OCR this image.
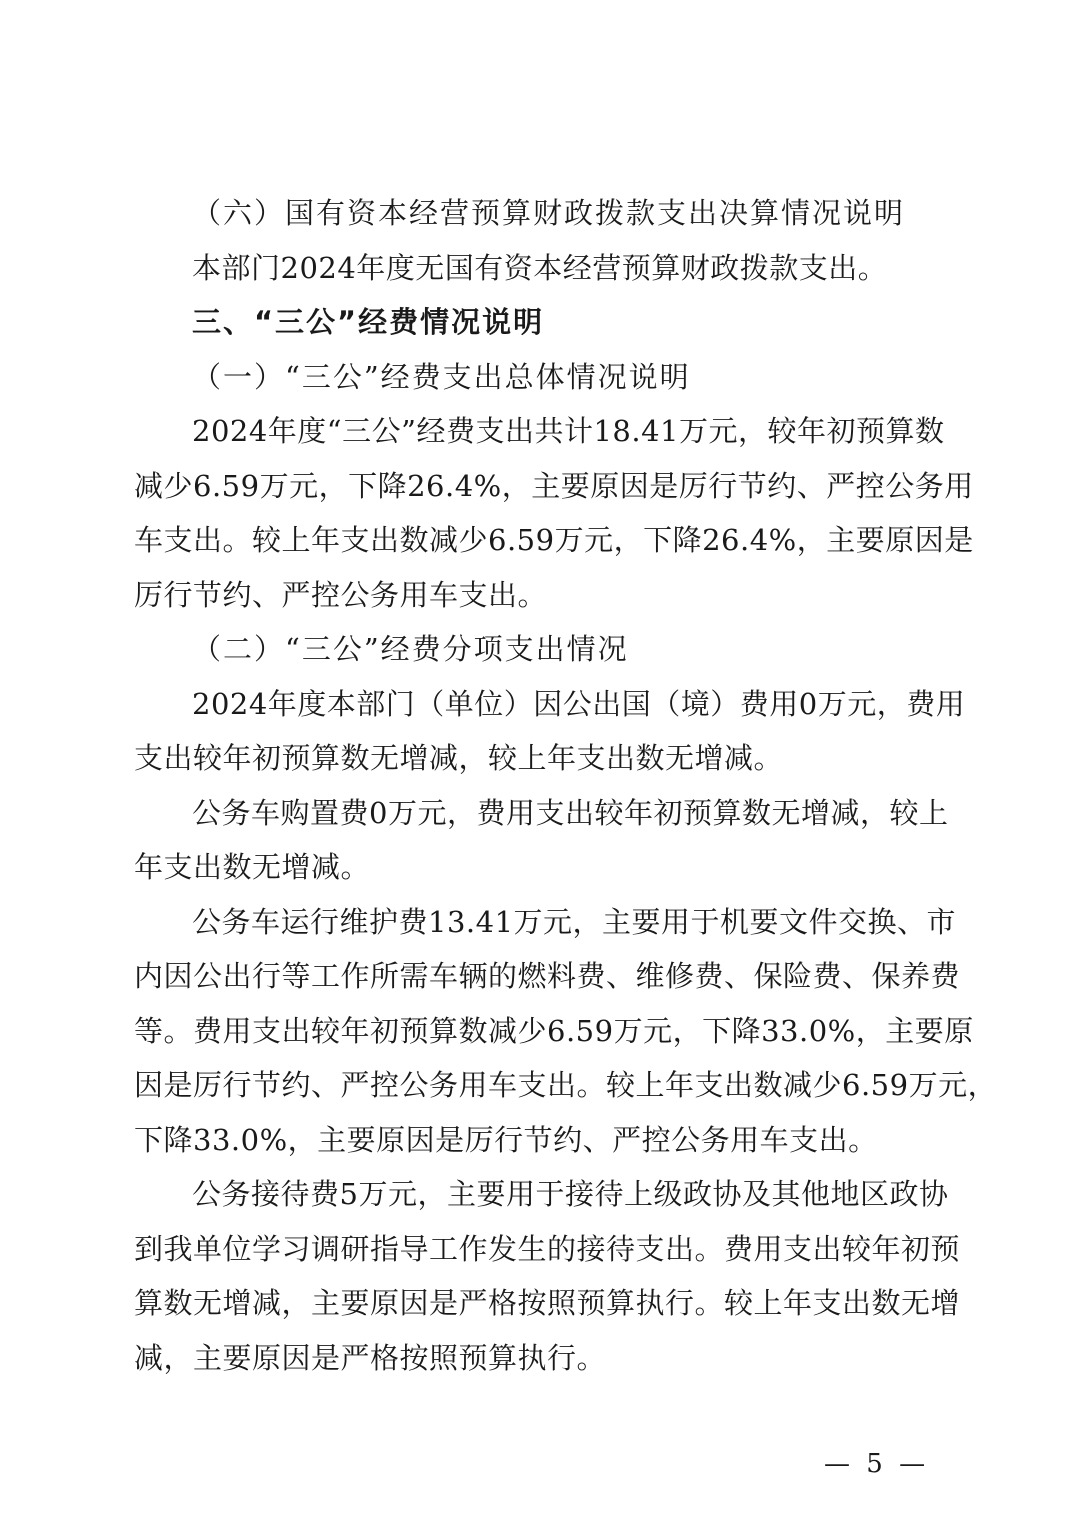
（六）国有资本经营预算财政拨款支出决算情况说明
本部门2024年度无国有资本经营预算财政拨款支出。
三、“三公”经费情况说明
（一）“三公”经费支出总体情况说明
2024年度“三公”经费支出共计18.41万元，较年初预算数
减少6.59万元，下降26.4%，主要原因是厉行节约、严控公务用
车支出。较上年支出数减少6.59万元，下降26.4%，主要原因是
厉行节约、严控公务用车支出。
（二）“三公”经费分项支出情况
2024年度本部门（单位）因公出国（境）费用0万元，费用
支出较年初预算数无增减，较上年支出数无增减。
公务车购置费0万元，费用支出较年初预算数无增减，较上
年支出数无增减。
公务车运行维护费13.41万元，主要用于机要文件交换、市
内因公出行等工作所需车辆的燃料费、维修费、保险费、保养费
等。费用支出较年初预算数减少6.59万元，下降33.0%，主要原
因是厉行节约、严控公务用车支出。较上年支出数减少6.59万元，
下降33.0%，主要原因是厉行节约、严控公务用车支出。
公务接待费5万元，主要用于接待上级政协及其他地区政协
到我单位学习调研指导工作发生的接待支出。费用支出较年初预
算数无增减，主要原因是严格按照预算执行。较上年支出数无增
减，主要原因是严格按照预算执行。
— 5 —
